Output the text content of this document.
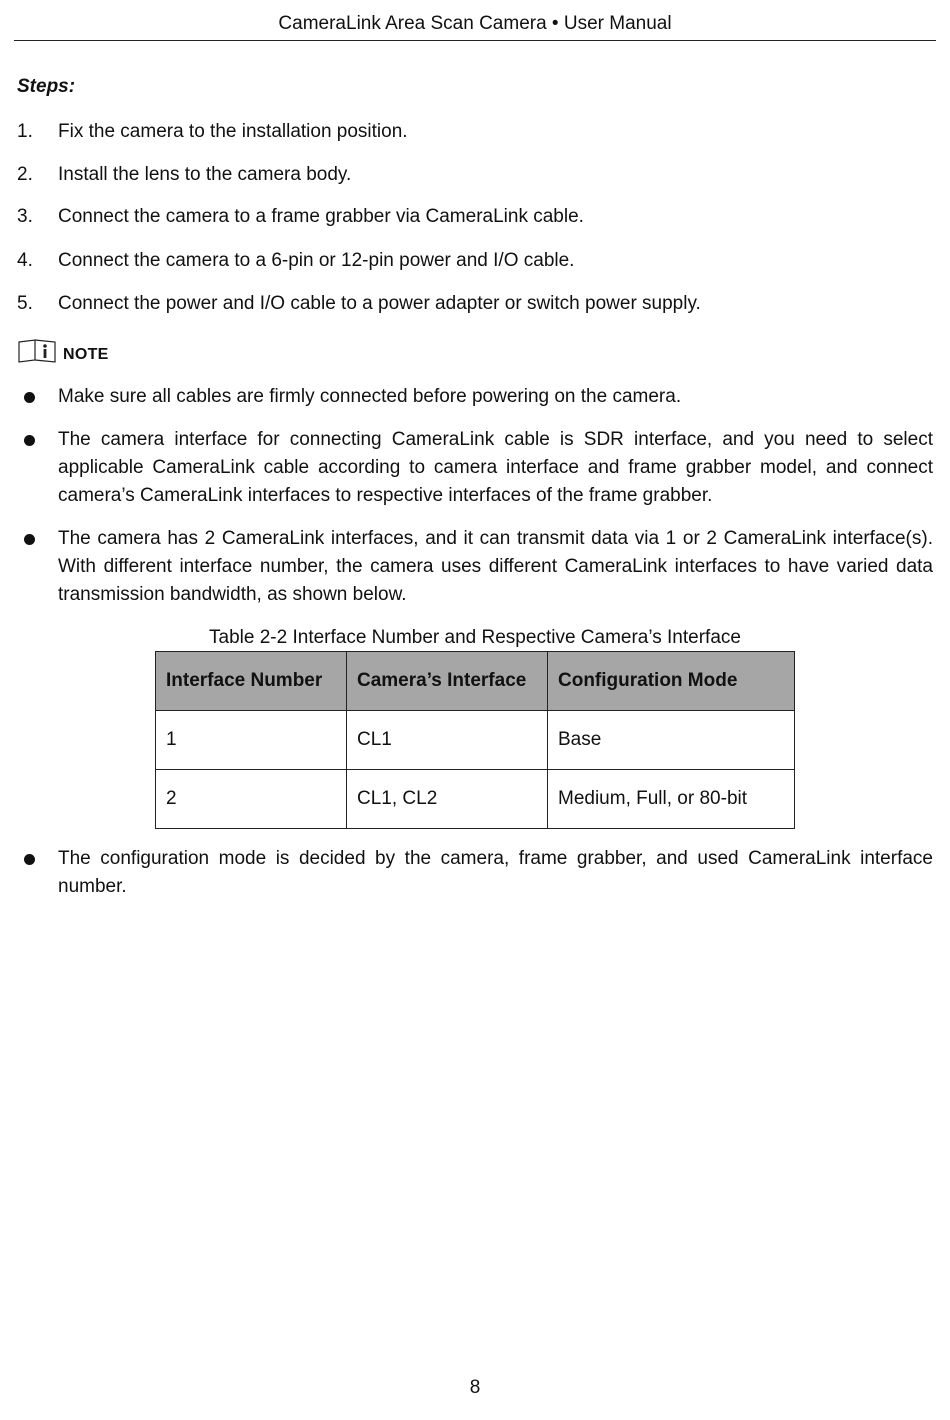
CameraLink Area Scan Camera • User Manual
Steps:
1.	Fix the camera to the installation position.
2.	Install the lens to the camera body.
3.	Connect the camera to a frame grabber via CameraLink cable.
4.	Connect the camera to a 6-pin or 12-pin power and I/O cable.
5.	Connect the power and I/O cable to a power adapter or switch power supply.
NOTE
Make sure all cables are firmly connected before powering on the camera.
The camera interface for connecting CameraLink cable is SDR interface, and you need to select applicable CameraLink cable according to camera interface and frame grabber model, and connect camera’s CameraLink interfaces to respective interfaces of the frame grabber.
The camera has 2 CameraLink interfaces, and it can transmit data via 1 or 2 CameraLink interface(s). With different interface number, the camera uses different CameraLink interfaces to have varied data transmission bandwidth, as shown below.
Table 2-2 Interface Number and Respective Camera’s Interface
Interface Number	Camera’s Interface	Configuration Mode
1	CL1	Base
2	CL1, CL2	Medium, Full, or 80-bit
The configuration mode is decided by the camera, frame grabber, and used CameraLink interface number.
8
